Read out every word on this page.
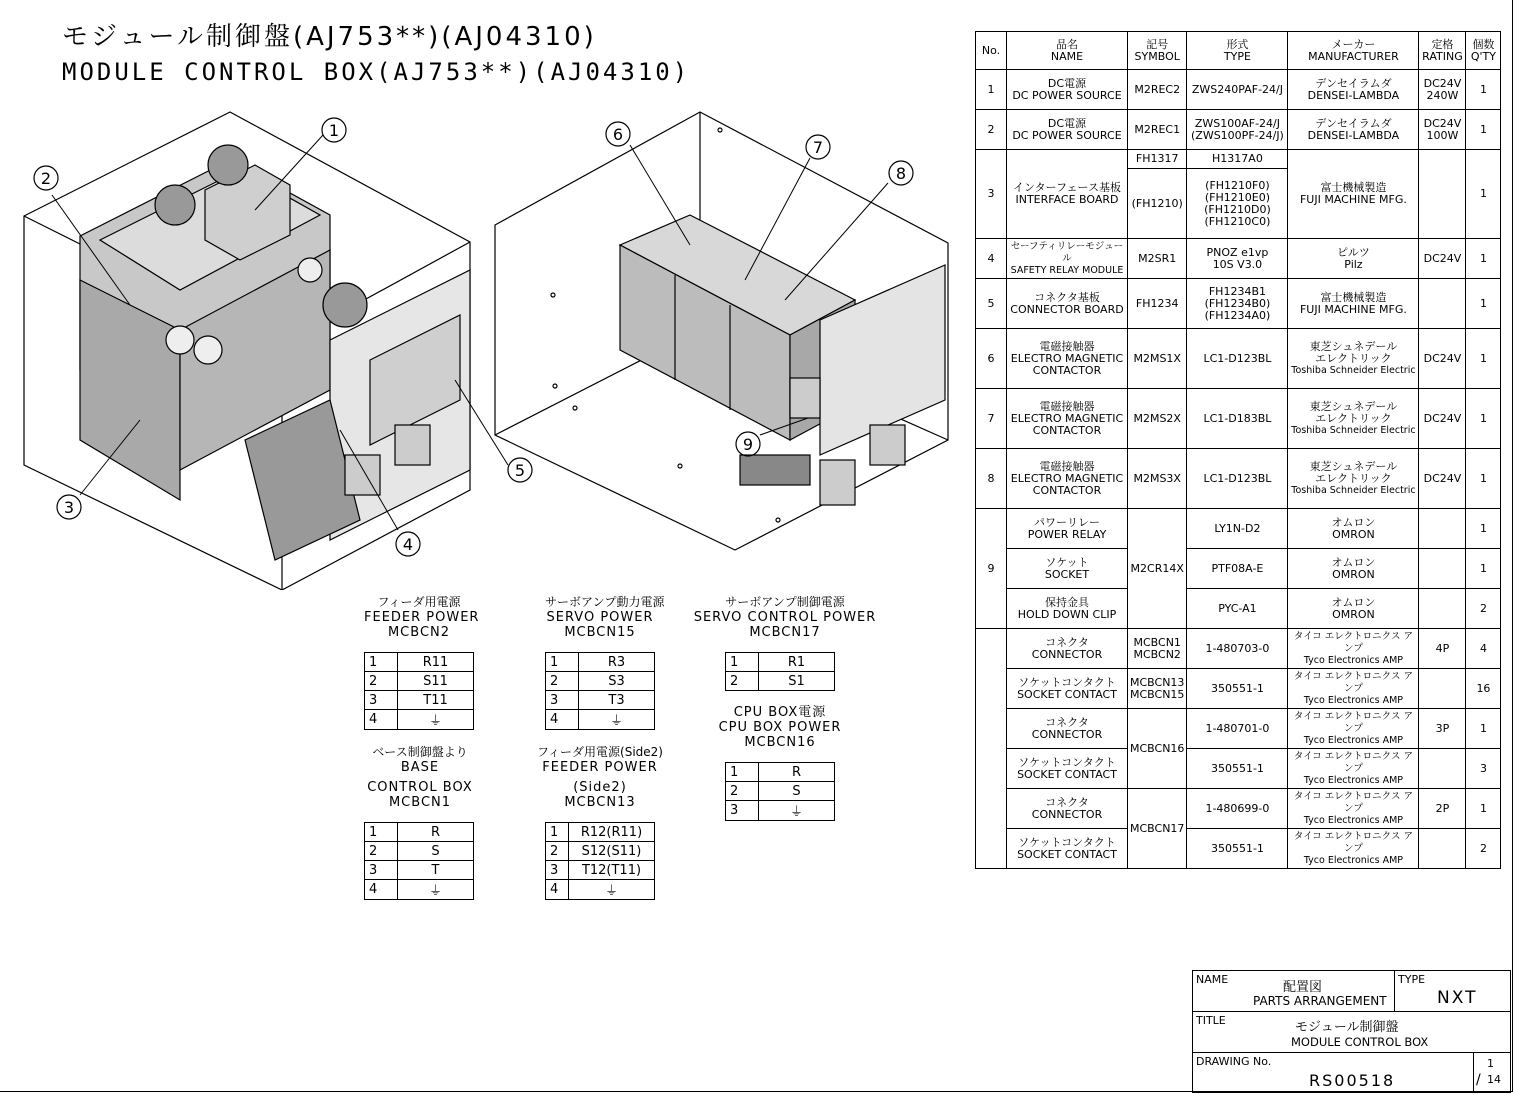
モジュール制御盤(AJ753**)(AJ04310)
MODULE CONTROL BOX(AJ753**)(AJ04310)
1
2
3
4
5
6
7
8
9
No.	品名
NAME	記号
SYMBOL	形式
TYPE	メーカー
MANUFACTURER	定格
RATING	個数
Q'TY

1	DC電源
DC POWER SOURCE	M2REC2	ZWS240PAF-24/J	デンセイラムダ
DENSEI-LAMBDA	DC24V
240W	1
2	DC電源
DC POWER SOURCE	M2REC1	ZWS100AF-24/J
(ZWS100PF-24/J)	デンセイラムダ
DENSEI-LAMBDA	DC24V
100W	1
3	インターフェース基板
INTERFACE BOARD	FH1317	H1317A0	富士機械製造
FUJI MACHINE MFG.		1
		(FH1210)	(FH1210F0)
(FH1210E0)
(FH1210D0)
(FH1210C0)			

4	セーフティリレーモジュール
SAFETY RELAY MODULE	M2SR1	PNOZ e1vp
10S V3.0	ピルツ
Pilz	DC24V	1
5	コネクタ基板
CONNECTOR BOARD	FH1234	FH1234B1
(FH1234B0)
(FH1234A0)	富士機械製造
FUJI MACHINE MFG.		1
6	電磁接触器
ELECTRO MAGNETIC
CONTACTOR	M2MS1X	LC1-D123BL	東芝シュネデール
エレクトリック
Toshiba Schneider Electric	DC24V	1
7	電磁接触器
ELECTRO MAGNETIC
CONTACTOR	M2MS2X	LC1-D183BL	東芝シュネデール
エレクトリック
Toshiba Schneider Electric	DC24V	1
8	電磁接触器
ELECTRO MAGNETIC
CONTACTOR	M2MS3X	LC1-D123BL	東芝シュネデール
エレクトリック
Toshiba Schneider Electric	DC24V	1
9	パワーリレー
POWER RELAY	M2CR14X	LY1N-D2	オムロン
OMRON		1

	ソケット
SOCKET		PTF08A-E	オムロン
OMRON		1

	保持金具
HOLD DOWN CLIP		PYC-A1	オムロン
OMRON		2

	コネクタ
CONNECTOR	MCBCN1
MCBCN2	1-480703-0	タイコ エレクトロニクス アンプ
Tyco Electronics AMP	4P	4

	ソケットコンタクト
SOCKET CONTACT	MCBCN13
MCBCN15	350551-1	タイコ エレクトロニクス アンプ
Tyco Electronics AMP		16

	コネクタ
CONNECTOR	MCBCN16	1-480701-0	タイコ エレクトロニクス アンプ
Tyco Electronics AMP	3P	1

	ソケットコンタクト
SOCKET CONTACT		350551-1	タイコ エレクトロニクス アンプ
Tyco Electronics AMP		3

	コネクタ
CONNECTOR	MCBCN17	1-480699-0	タイコ エレクトロニクス アンプ
Tyco Electronics AMP	2P	1

	ソケットコンタクト
SOCKET CONTACT		350551-1	タイコ エレクトロニクス アンプ
Tyco Electronics AMP		2
フィーダ用電源
FEEDER POWER
MCBCN2
1	R11
2	S11
3	T11
4	⏚
サーボアンプ動力電源
SERVO POWER
MCBCN15
1	R3
2	S3
3	T3
4	⏚
サーボアンプ制御電源
SERVO CONTROL POWER
MCBCN17
1	R1
2	S1
CPU BOX電源
CPU BOX POWER
MCBCN16
1	R
2	S
3	⏚
ベース制御盤より
BASE
CONTROL BOX
MCBCN1
1	R
2	S
3	T
4	⏚
フィーダ用電源(Side2)
FEEDER POWER
(Side2)
MCBCN13
1	R12(R11)
2	S12(S11)
3	T12(T11)
4	⏚
NAME
配置図
PARTS ARRANGEMENT
TYPE
NXT
TITLE	モジュール制御盤
MODULE CONTROL BOX
DRAWING No.
RS00518
1
/ 14
